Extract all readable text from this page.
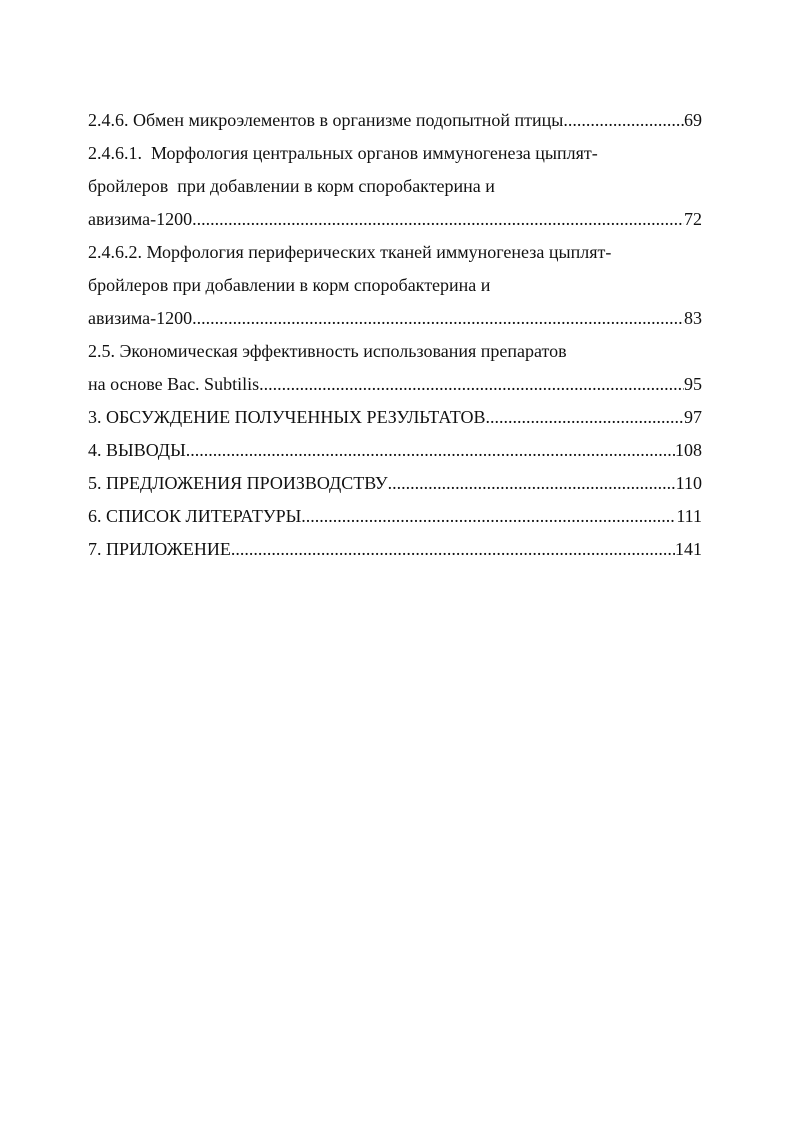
2.4.6. Обмен микроэлементов в организме подопытной птицы .....	69
2.4.6.1.  Морфология центральных органов иммуногенеза цыплят-
бройлеров  при добавлении в корм споробактерина и
авизима-1200 .....	72
2.4.6.2. Морфология периферических тканей иммуногенеза цыплят-
бройлеров при добавлении в корм споробактерина и
авизима-1200 .....	83
2.5. Экономическая эффективность использования препаратов
на основе Bac. Subtilis .....	95
3. ОБСУЖДЕНИЕ ПОЛУЧЕННЫХ РЕЗУЛЬТАТОВ .....	97
4. ВЫВОДЫ .....	108
5. ПРЕДЛОЖЕНИЯ ПРОИЗВОДСТВУ .....	110
6. СПИСОК ЛИТЕРАТУРЫ .....	111
7. ПРИЛОЖЕНИЕ .....	141
